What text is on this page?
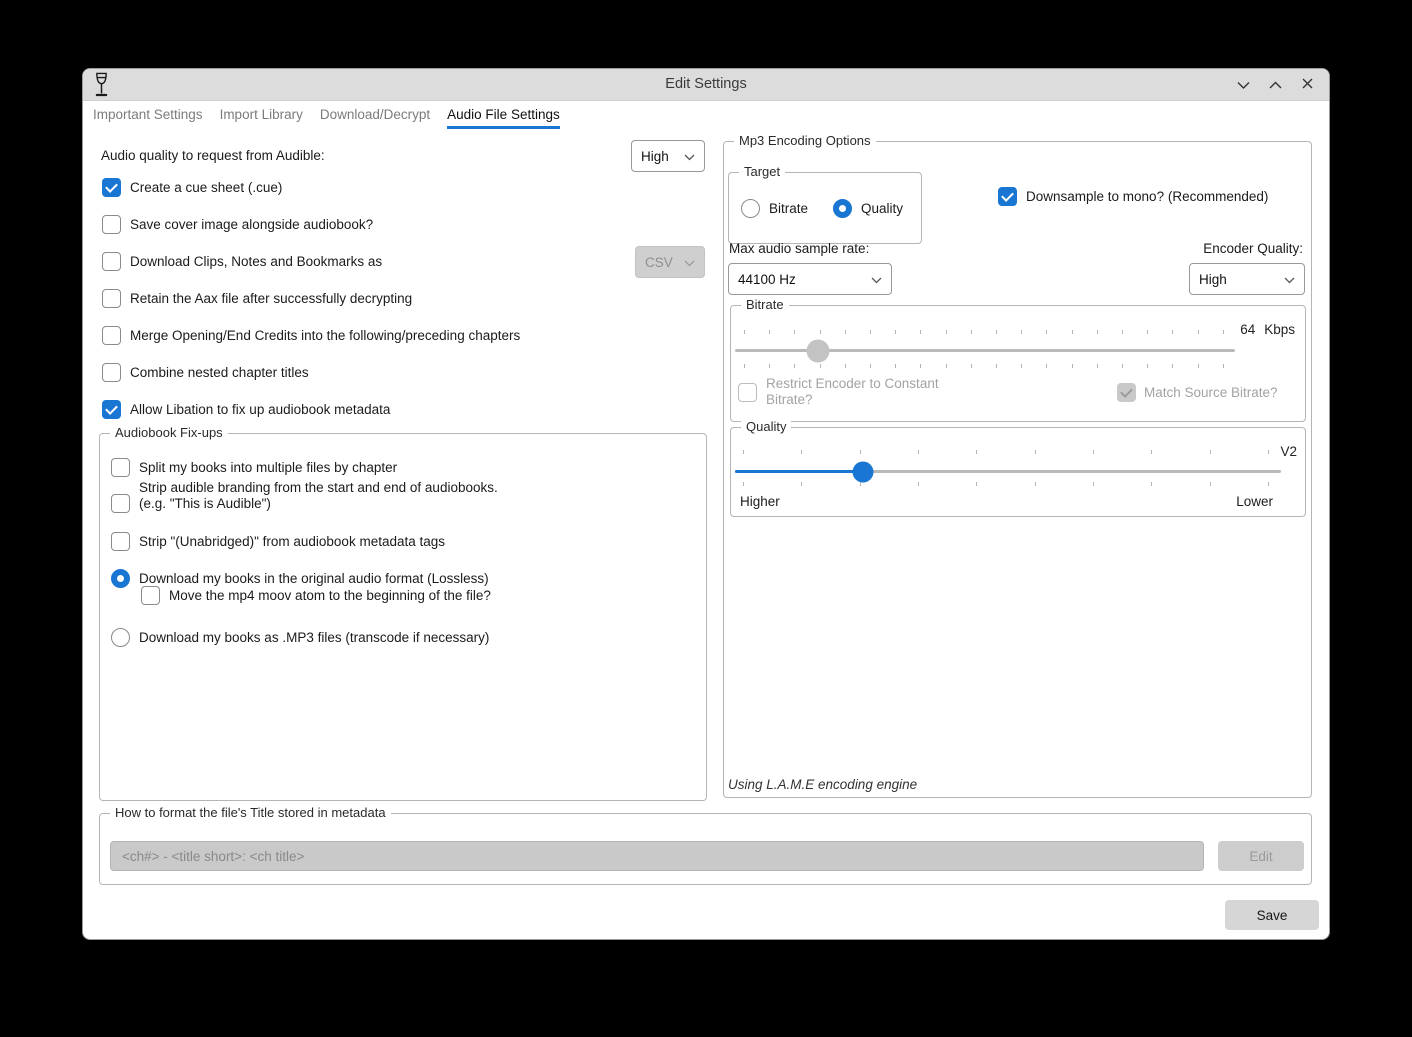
Edit Settings
Important Settings Import Library Download/Decrypt Audio File Settings
Audio quality to request from Audible:	High
Create a cue sheet (.cue)
Save cover image alongside audiobook?
Download Clips, Notes and Bookmarks as	CSV
Retain the Aax file after successfully decrypting
Merge Opening/End Credits into the following/preceding chapters
Combine nested chapter titles
Allow Libation to fix up audiobook metadata
Audiobook Fix-ups
Split my books into multiple files by chapter
Strip audible branding from the start and end of audiobooks.
(e.g. "This is Audible")
Strip "(Unabridged)" from audiobook metadata tags
Download my books in the original audio format (Lossless)
Move the mp4 moov atom to the beginning of the file?
Download my books as .MP3 files (transcode if necessary)
Mp3 Encoding Options
Target
Bitrate	Quality
Downsample to mono? (Recommended)
Max audio sample rate:
44100 Hz
Encoder Quality:
High
Bitrate
64 Kbps
Restrict Encoder to Constant
Bitrate?	Match Source Bitrate?
Quality
V2
Higher	Lower
Using L.A.M.E encoding engine
How to format the file's Title stored in metadata
<ch#> - <title short>: <ch title>	Edit
Save
